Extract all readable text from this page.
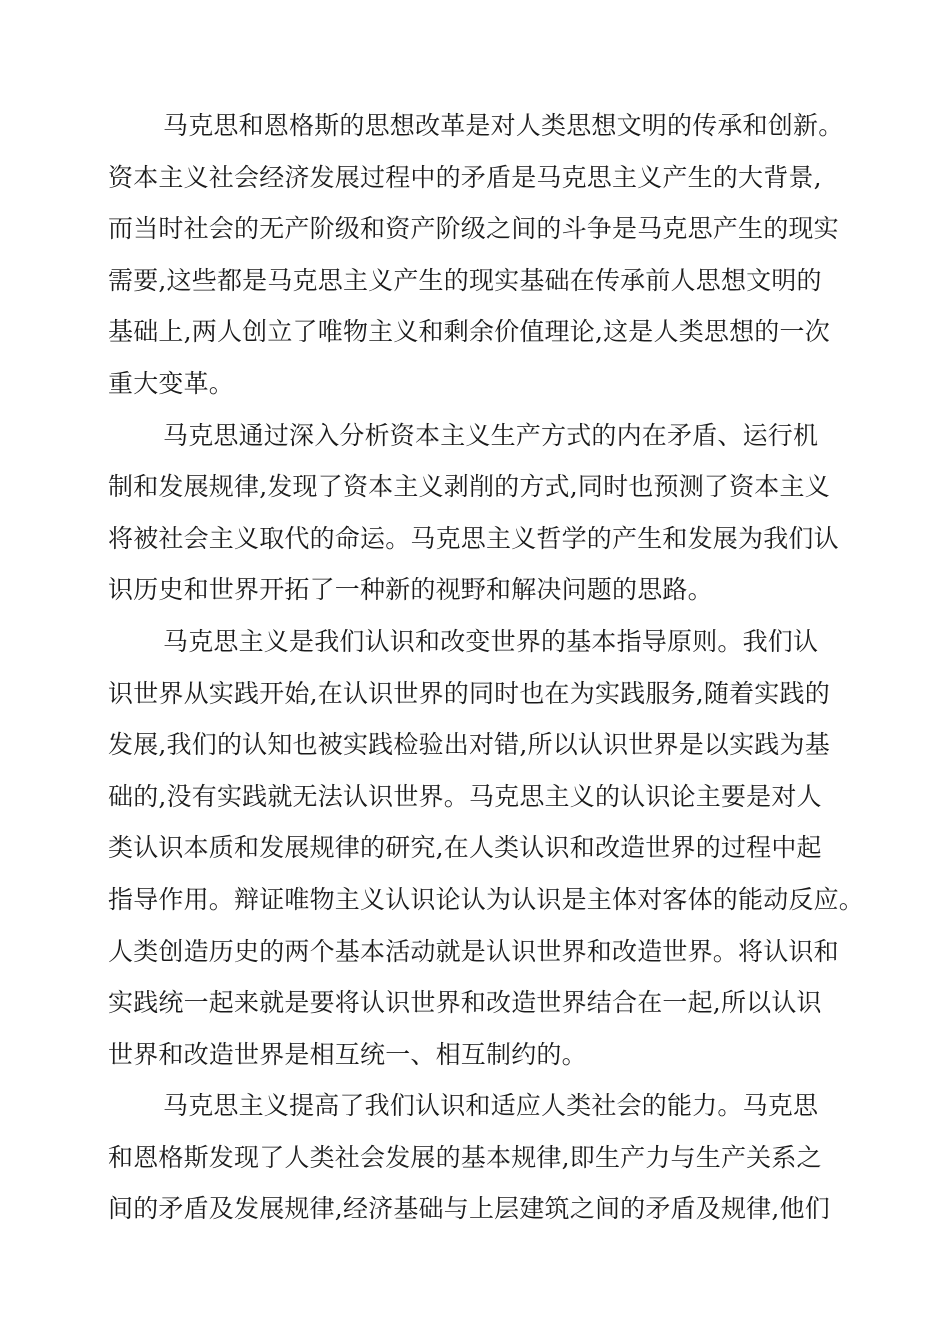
马克思和恩格斯的思想改革是对人类思想文明的传承和创新。
资本主义社会经济发展过程中的矛盾是马克思主义产生的大背景,
而当时社会的无产阶级和资产阶级之间的斗争是马克思产生的现实
需要,这些都是马克思主义产生的现实基础在传承前人思想文明的
基础上,两人创立了唯物主义和剩余价值理论,这是人类思想的一次
重大变革。
马克思通过深入分析资本主义生产方式的内在矛盾、运行机
制和发展规律,发现了资本主义剥削的方式,同时也预测了资本主义
将被社会主义取代的命运。马克思主义哲学的产生和发展为我们认
识历史和世界开拓了一种新的视野和解决问题的思路。
马克思主义是我们认识和改变世界的基本指导原则。我们认
识世界从实践开始,在认识世界的同时也在为实践服务,随着实践的
发展,我们的认知也被实践检验出对错,所以认识世界是以实践为基
础的,没有实践就无法认识世界。马克思主义的认识论主要是对人
类认识本质和发展规律的研究,在人类认识和改造世界的过程中起
指导作用。辩证唯物主义认识论认为认识是主体对客体的能动反应。
人类创造历史的两个基本活动就是认识世界和改造世界。将认识和
实践统一起来就是要将认识世界和改造世界结合在一起,所以认识
世界和改造世界是相互统一、相互制约的。
马克思主义提高了我们认识和适应人类社会的能力。马克思
和恩格斯发现了人类社会发展的基本规律,即生产力与生产关系之
间的矛盾及发展规律,经济基础与上层建筑之间的矛盾及规律,他们
